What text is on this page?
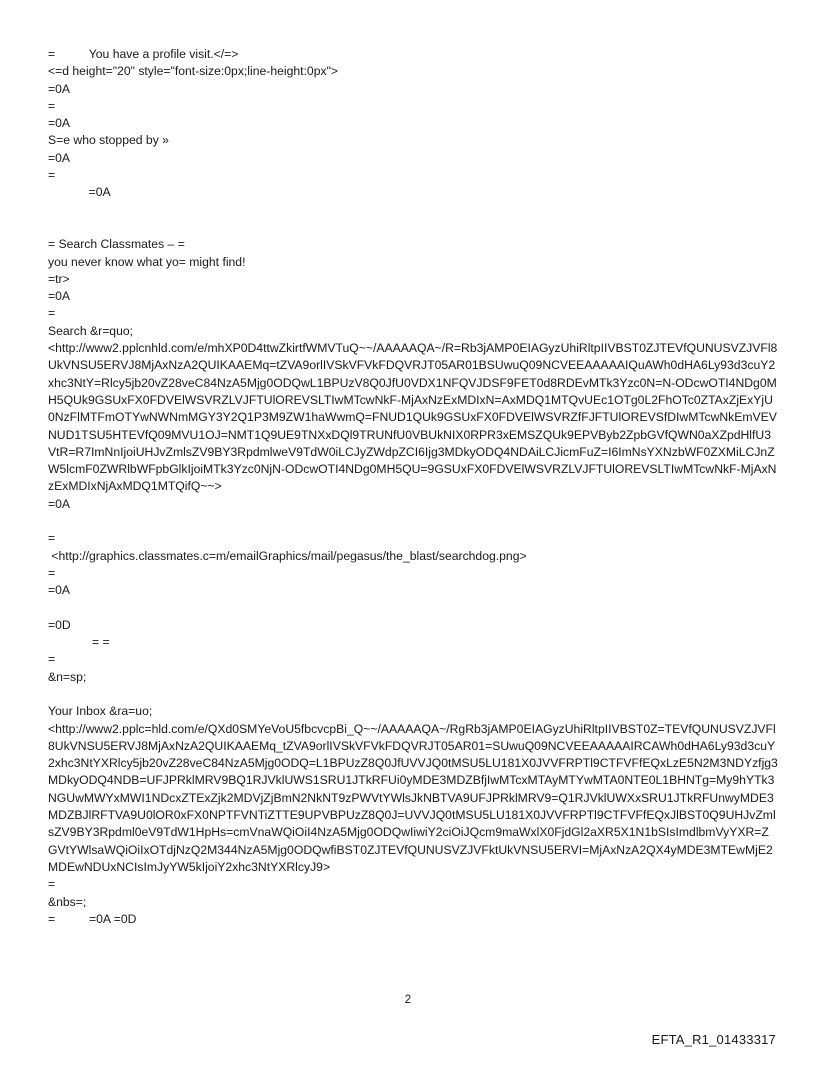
=          You have a profile visit.</=>
<=d height="20" style="font-size:0px;line-height:0px">
=0A
=
=0A
S=e who stopped by »
=0A
=
=0A
= Search Classmates – =
you never know what yo= might find!
=tr>
=0A
=
Search &r=quo;
<http://www2.pplcnhld.com/e/mhXP0D4ttwZkirtfWMVTuQ~~/AAAAAQA~/R=Rb3jAMP0EIAGyzUhiRltpIIVBST0ZJTEVfQUNUSVZJVFl8UkVNSU5ERVJ8MjAxNzA2QUIKAAEMq=tZVA9orlIVSkVFVkFDQVRJT05AR01BSUwuQ09NCVEEAAAAAIQuAWh0dHA6Ly93d3cuY2xhc3NtY=Rlcy5jb20vZ28veC84NzA5Mjg0ODQwL1BPUzV8Q0JfU0VDX1NFQVJDSF9FET0d8RDEvMTk3Yzc0N=N-ODcwOTI4NDg0MH5QUk9GSUxFX0FDVElWSVRZLVJFTUlOREVSLTIwMTcwNkF-MjAxNzExMDIxN=AxMDQ1MTQvUEc1OTg0L2FhOTc0ZTAxZjExYjU0NzFlMTFmOTYwNWNmMGY3Y2Q1P3M9ZW1haWwmQ=FNUD1QUk9GSUxFX0FDVElWSVRZfFJFTUlOREVSfDIwMTcwNkEmVEVNUD1TSU5HTEVfQ09MVU1OJ=NMT1Q9UE9TNXxDQl9TRUNfU0VBUkNIX0RPR3xEMSZQUk9EPVByb2ZpbGVfQWN0aXZpdHlfU3VtR=R7ImNnIjoiUHJvZmlsZV9BY3RpdmlweV9TdW0iLCJyZWdpZCI6Ijg3MDkyODQ4NDAiLCJicmFuZ=I6ImNsYXNzbWF0ZXMiLCJnZW5lcmF0ZWRlbWFpbGlkIjoiMTk3Yzc0NjN-ODcwOTI4NDg0MH5QU=9GSUxFX0FDVElWSVRZLVJFTUlOREVSLTIwMTcwNkF-MjAxNzExMDIxNjAxMDQ1MTQifQ~~>
=0A
=
<http://graphics.classmates.c=m/emailGraphics/mail/pegasus/the_blast/searchdog.png>
=
=0A
=0D
= =
=
&n=sp;
Your Inbox &ra=uo;
<http://www2.pplc=hld.com/e/QXd0SMYeVoU5fbcvcpBi_Q~~/AAAAAQA~/RgRb3jAMP0EIAGyzUhiRltpIIVBST0Z=TEVfQUNUSVZJVFl8UkVNSU5ERVJ8MjAxNzA2QUIKAAEMq_tZVA9orlIVSkVFVkFDQVRJT05AR01=SUwuQ09NCVEEAAAAAIRCAWh0dHA6Ly93d3cuY2xhc3NtYXRlcy5jb20vZ28veC84NzA5Mjg0ODQ=L1BPUzZ8Q0JfUVVJQ0tMSU5LU181X0JVVFRPTl9CTFVFfEQxLzE5N2M3NDYzfjg3MDkyODQ4NDB=UFJPRklMRV9BQ1RJVklUWS1SRU1JTkRFUi0yMDE3MDZBfjIwMTcxMTAyMTYwMTA0NTE0L1BHNTg=My9hYTk3NGUwMWYxMWI1NDcxZTExZjk2MDVjZjBmN2NkNT9zPWVtYWlsJkNBTVA9UFJPRklMRV9=Q1RJVklUWXxSRU1JTkRFUnwyMDE3MDZBJlRFTVA9U0lOR0xFX0NPTFVNTiZTTE9UPVBPUzZ8Q0J=UVVJQ0tMSU5LU181X0JVVFRPTl9CTFVFfEQxJlBST0Q9UHJvZmlsZV9BY3Rpdml0eV9TdW1HpHs=cmVnaWQiOiI4NzA5Mjg0ODQwIiwiY2ciOiJQcm9maWxlX0FjdGl2aXR5X1N1bSIsImdlbmVyYXR=ZGVtYWlsaWQiOiIxOTdjNzQ2M344NzA5Mjg0ODQwfiBST0ZJTEVfQUNUSVZJVFktUkVNSU5ERVI=MjAxNzA2QX4yMDE3MTEwMjE2MDEwNDUxNCIsImJyYW5kIjoiY2xhc3NtYXRlcyJ9>
=
&nbs=;
=          =0A =0D
2
EFTA_R1_01433317
